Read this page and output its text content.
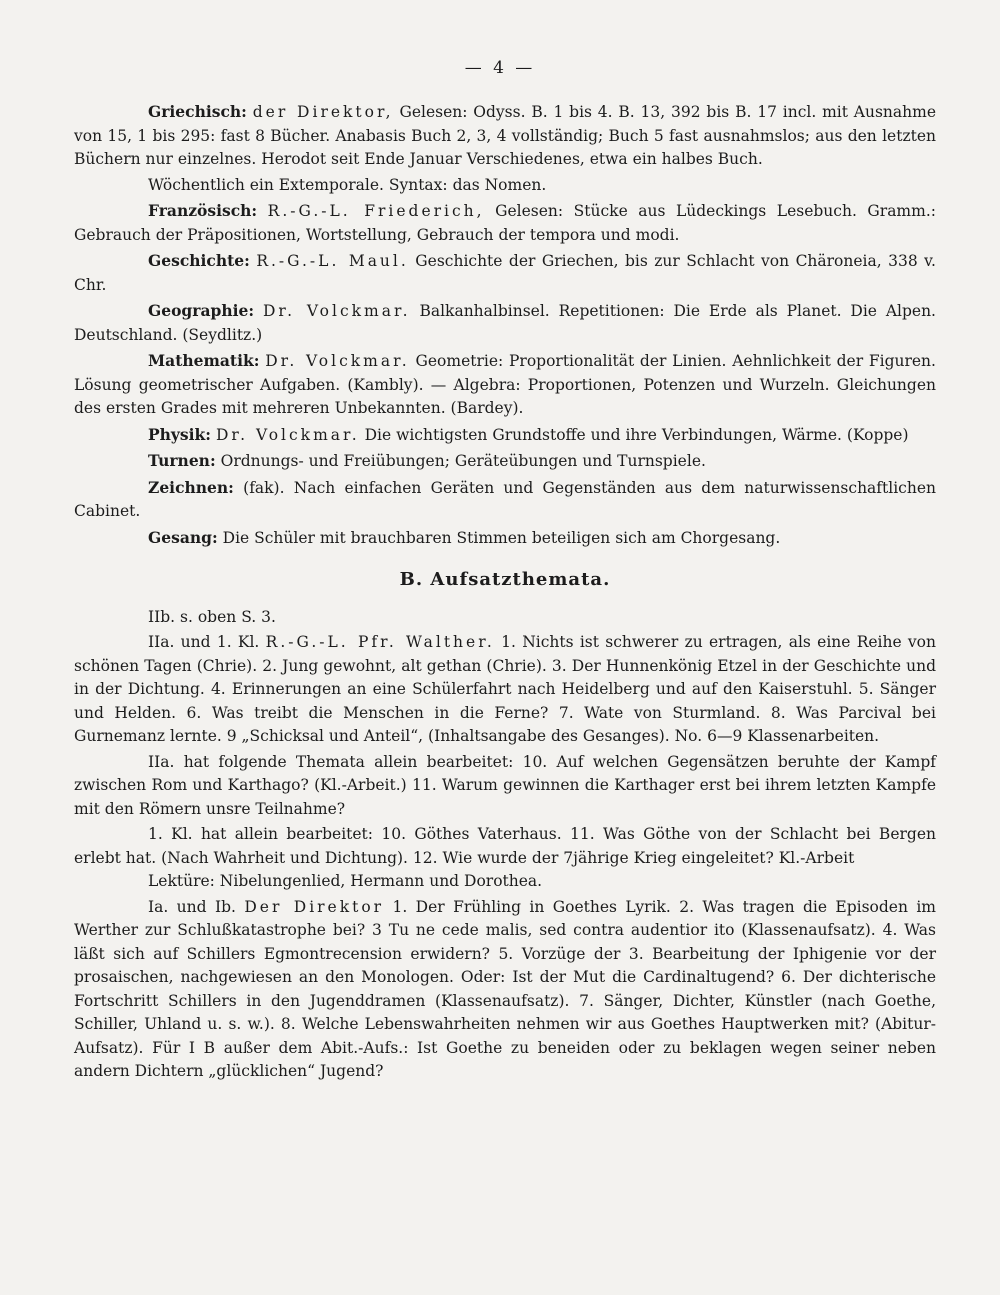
— 4 —

Griechisch: der Direktor, Gelesen: Odyss. B. 1 bis 4. B. 13, 392 bis B. 17 incl. mit Ausnahme von 15, 1 bis 295: fast 8 Bücher. Anabasis Buch 2, 3, 4 vollständig; Buch 5 fast ausnahmslos; aus den letzten Büchern nur einzelnes. Herodot seit Ende Januar Verschiedenes, etwa ein halbes Buch.

Wöchentlich ein Extemporale. Syntax: das Nomen.

Französisch: R.-G.-L. Friederich, Gelesen: Stücke aus Lüdeckings Lesebuch. Gramm.: Gebrauch der Präpositionen, Wortstellung, Gebrauch der tempora und modi.

Geschichte: R.-G.-L. Maul. Geschichte der Griechen, bis zur Schlacht von Chäroneia, 338 v. Chr.

Geographie: Dr. Volckmar. Balkanhalbinsel. Repetitionen: Die Erde als Planet. Die Alpen. Deutschland. (Seydlitz.)

Mathematik: Dr. Volckmar. Geometrie: Proportionalität der Linien. Aehnlichkeit der Figuren. Lösung geometrischer Aufgaben. (Kambly). — Algebra: Proportionen, Potenzen und Wurzeln. Gleichungen des ersten Grades mit mehreren Unbekannten. (Bardey).

Physik: Dr. Volckmar. Die wichtigsten Grundstoffe und ihre Verbindungen, Wärme. (Koppe)

Turnen: Ordnungs- und Freiübungen; Geräteübungen und Turnspiele.

Zeichnen: (fak). Nach einfachen Geräten und Gegenständen aus dem naturwissenschaftlichen Cabinet.

Gesang: Die Schüler mit brauchbaren Stimmen beteiligen sich am Chorgesang.

B. Aufsatzthemata.

IIb. s. oben S. 3.

IIa. und 1. Kl. R.-G.-L. Pfr. Walther. 1. Nichts ist schwerer zu ertragen, als eine Reihe von schönen Tagen (Chrie). 2. Jung gewohnt, alt gethan (Chrie). 3. Der Hunnenkönig Etzel in der Geschichte und in der Dichtung. 4. Erinnerungen an eine Schülerfahrt nach Heidelberg und auf den Kaiserstuhl. 5. Sänger und Helden. 6. Was treibt die Menschen in die Ferne? 7. Wate von Sturmland. 8. Was Parcival bei Gurnemanz lernte. 9 „Schicksal und Anteil“, (Inhaltsangabe des Gesanges). No. 6—9 Klassenarbeiten.

IIa. hat folgende Themata allein bearbeitet: 10. Auf welchen Gegensätzen beruhte der Kampf zwischen Rom und Karthago? (Kl.-Arbeit.) 11. Warum gewinnen die Karthager erst bei ihrem letzten Kampfe mit den Römern unsre Teilnahme?

1. Kl. hat allein bearbeitet: 10. Göthes Vaterhaus. 11. Was Göthe von der Schlacht bei Bergen erlebt hat. (Nach Wahrheit und Dichtung). 12. Wie wurde der 7jährige Krieg eingeleitet? Kl.-Arbeit

Lektüre: Nibelungenlied, Hermann und Dorothea.

Ia. und Ib. Der Direktor 1. Der Frühling in Goethes Lyrik. 2. Was tragen die Episoden im Werther zur Schlußkatastrophe bei? 3 Tu ne cede malis, sed contra audentior ito (Klassenaufsatz). 4. Was läßt sich auf Schillers Egmontrecension erwidern? 5. Vorzüge der 3. Bearbeitung der Iphigenie vor der prosaischen, nachgewiesen an den Monologen. Oder: Ist der Mut die Cardinaltugend? 6. Der dichterische Fortschritt Schillers in den Jugenddramen (Klassenaufsatz). 7. Sänger, Dichter, Künstler (nach Goethe, Schiller, Uhland u. s. w.). 8. Welche Lebenswahrheiten nehmen wir aus Goethes Hauptwerken mit? (Abitur-Aufsatz). Für I B außer dem Abit.-Aufs.: Ist Goethe zu beneiden oder zu beklagen wegen seiner neben andern Dichtern „glücklichen“ Jugend?
